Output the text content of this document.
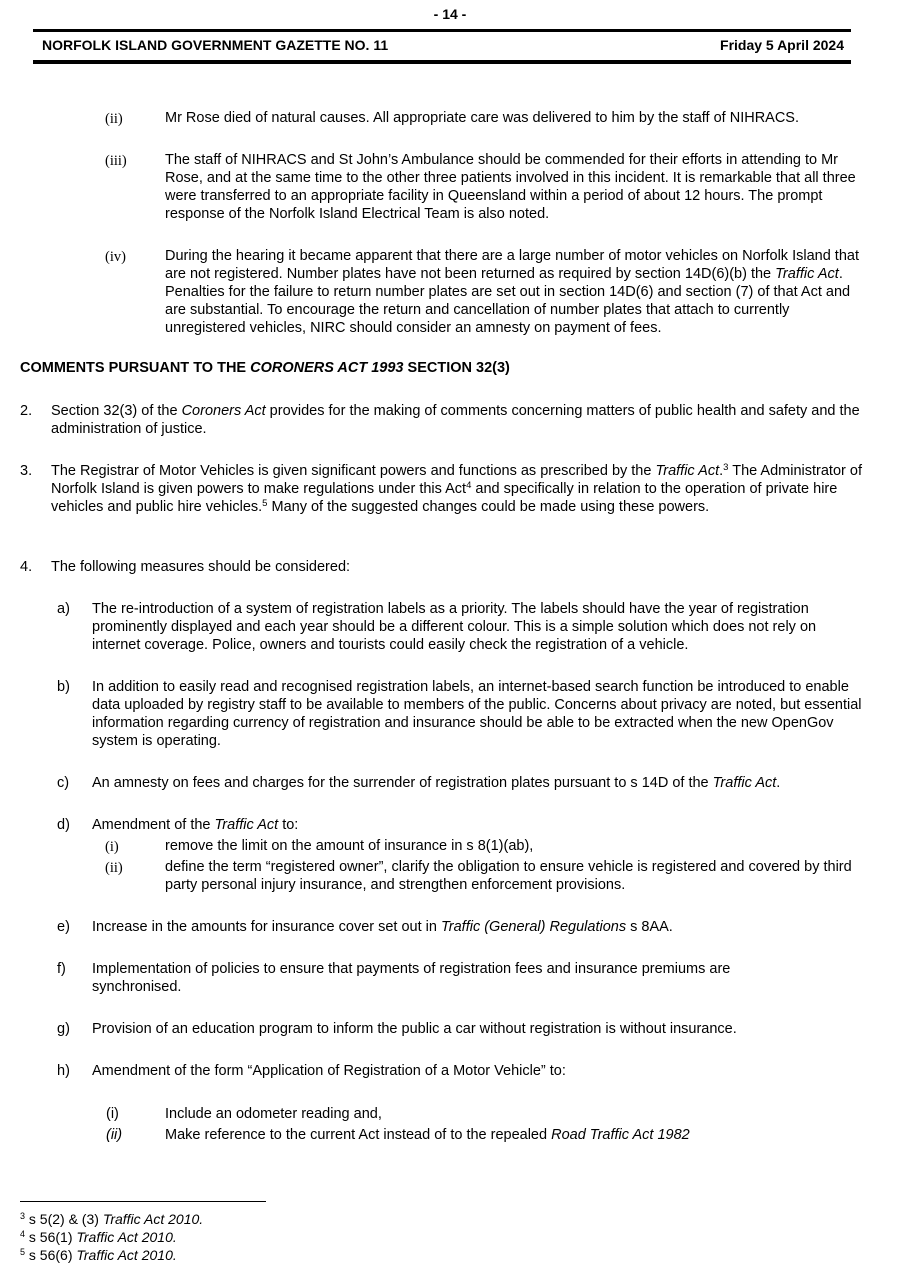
- 14 -
NORFOLK ISLAND GOVERNMENT GAZETTE NO. 11	Friday 5 April 2024
(ii)	Mr Rose died of natural causes. All appropriate care was delivered to him by the staff of NIHRACS.
(iii)	The staff of NIHRACS and St John’s Ambulance should be commended for their efforts in attending to Mr Rose, and at the same time to the other three patients involved in this incident. It is remarkable that all three were transferred to an appropriate facility in Queensland within a period of about 12 hours. The prompt response of the Norfolk Island Electrical Team is also noted.
(iv)	During the hearing it became apparent that there are a large number of motor vehicles on Norfolk Island that are not registered. Number plates have not been returned as required by section 14D(6)(b) the Traffic Act. Penalties for the failure to return number plates are set out in section 14D(6) and section (7) of that Act and are substantial. To encourage the return and cancellation of number plates that attach to currently unregistered vehicles, NIRC should consider an amnesty on payment of fees.
COMMENTS PURSUANT TO THE CORONERS ACT 1993 SECTION 32(3)
2. Section 32(3) of the Coroners Act provides for the making of comments concerning matters of public health and safety and the administration of justice.
3. The Registrar of Motor Vehicles is given significant powers and functions as prescribed by the Traffic Act.$^3$ The Administrator of Norfolk Island is given powers to make regulations under this Act$^4$ and specifically in relation to the operation of private hire vehicles and public hire vehicles.$^5$ Many of the suggested changes could be made using these powers.
4. The following measures should be considered:
a) The re-introduction of a system of registration labels as a priority. The labels should have the year of registration prominently displayed and each year should be a different colour. This is a simple solution which does not rely on internet coverage. Police, owners and tourists could easily check the registration of a vehicle.
b) In addition to easily read and recognised registration labels, an internet-based search function be introduced to enable data uploaded by registry staff to be available to members of the public. Concerns about privacy are noted, but essential information regarding currency of registration and insurance should be able to be extracted when the new OpenGov system is operating.
c) An amnesty on fees and charges for the surrender of registration plates pursuant to s 14D of the Traffic Act.
d) Amendment of the Traffic Act to:
(i)	remove the limit on the amount of insurance in s 8(1)(ab),
(ii)	define the term “registered owner”, clarify the obligation to ensure vehicle is registered and covered by third party personal injury insurance, and strengthen enforcement provisions.
e) Increase in the amounts for insurance cover set out in Traffic (General) Regulations s 8AA.
f) Implementation of policies to ensure that payments of registration fees and insurance premiums are synchronised.
g) Provision of an education program to inform the public a car without registration is without insurance.
h) Amendment of the form “Application of Registration of a Motor Vehicle” to:
(i)	Include an odometer reading and,
(ii)	Make reference to the current Act instead of to the repealed Road Traffic Act 1982
$^3$ s 5(2) & (3) Traffic Act 2010.
$^4$ s 56(1) Traffic Act 2010.
$^5$ s 56(6) Traffic Act 2010.
